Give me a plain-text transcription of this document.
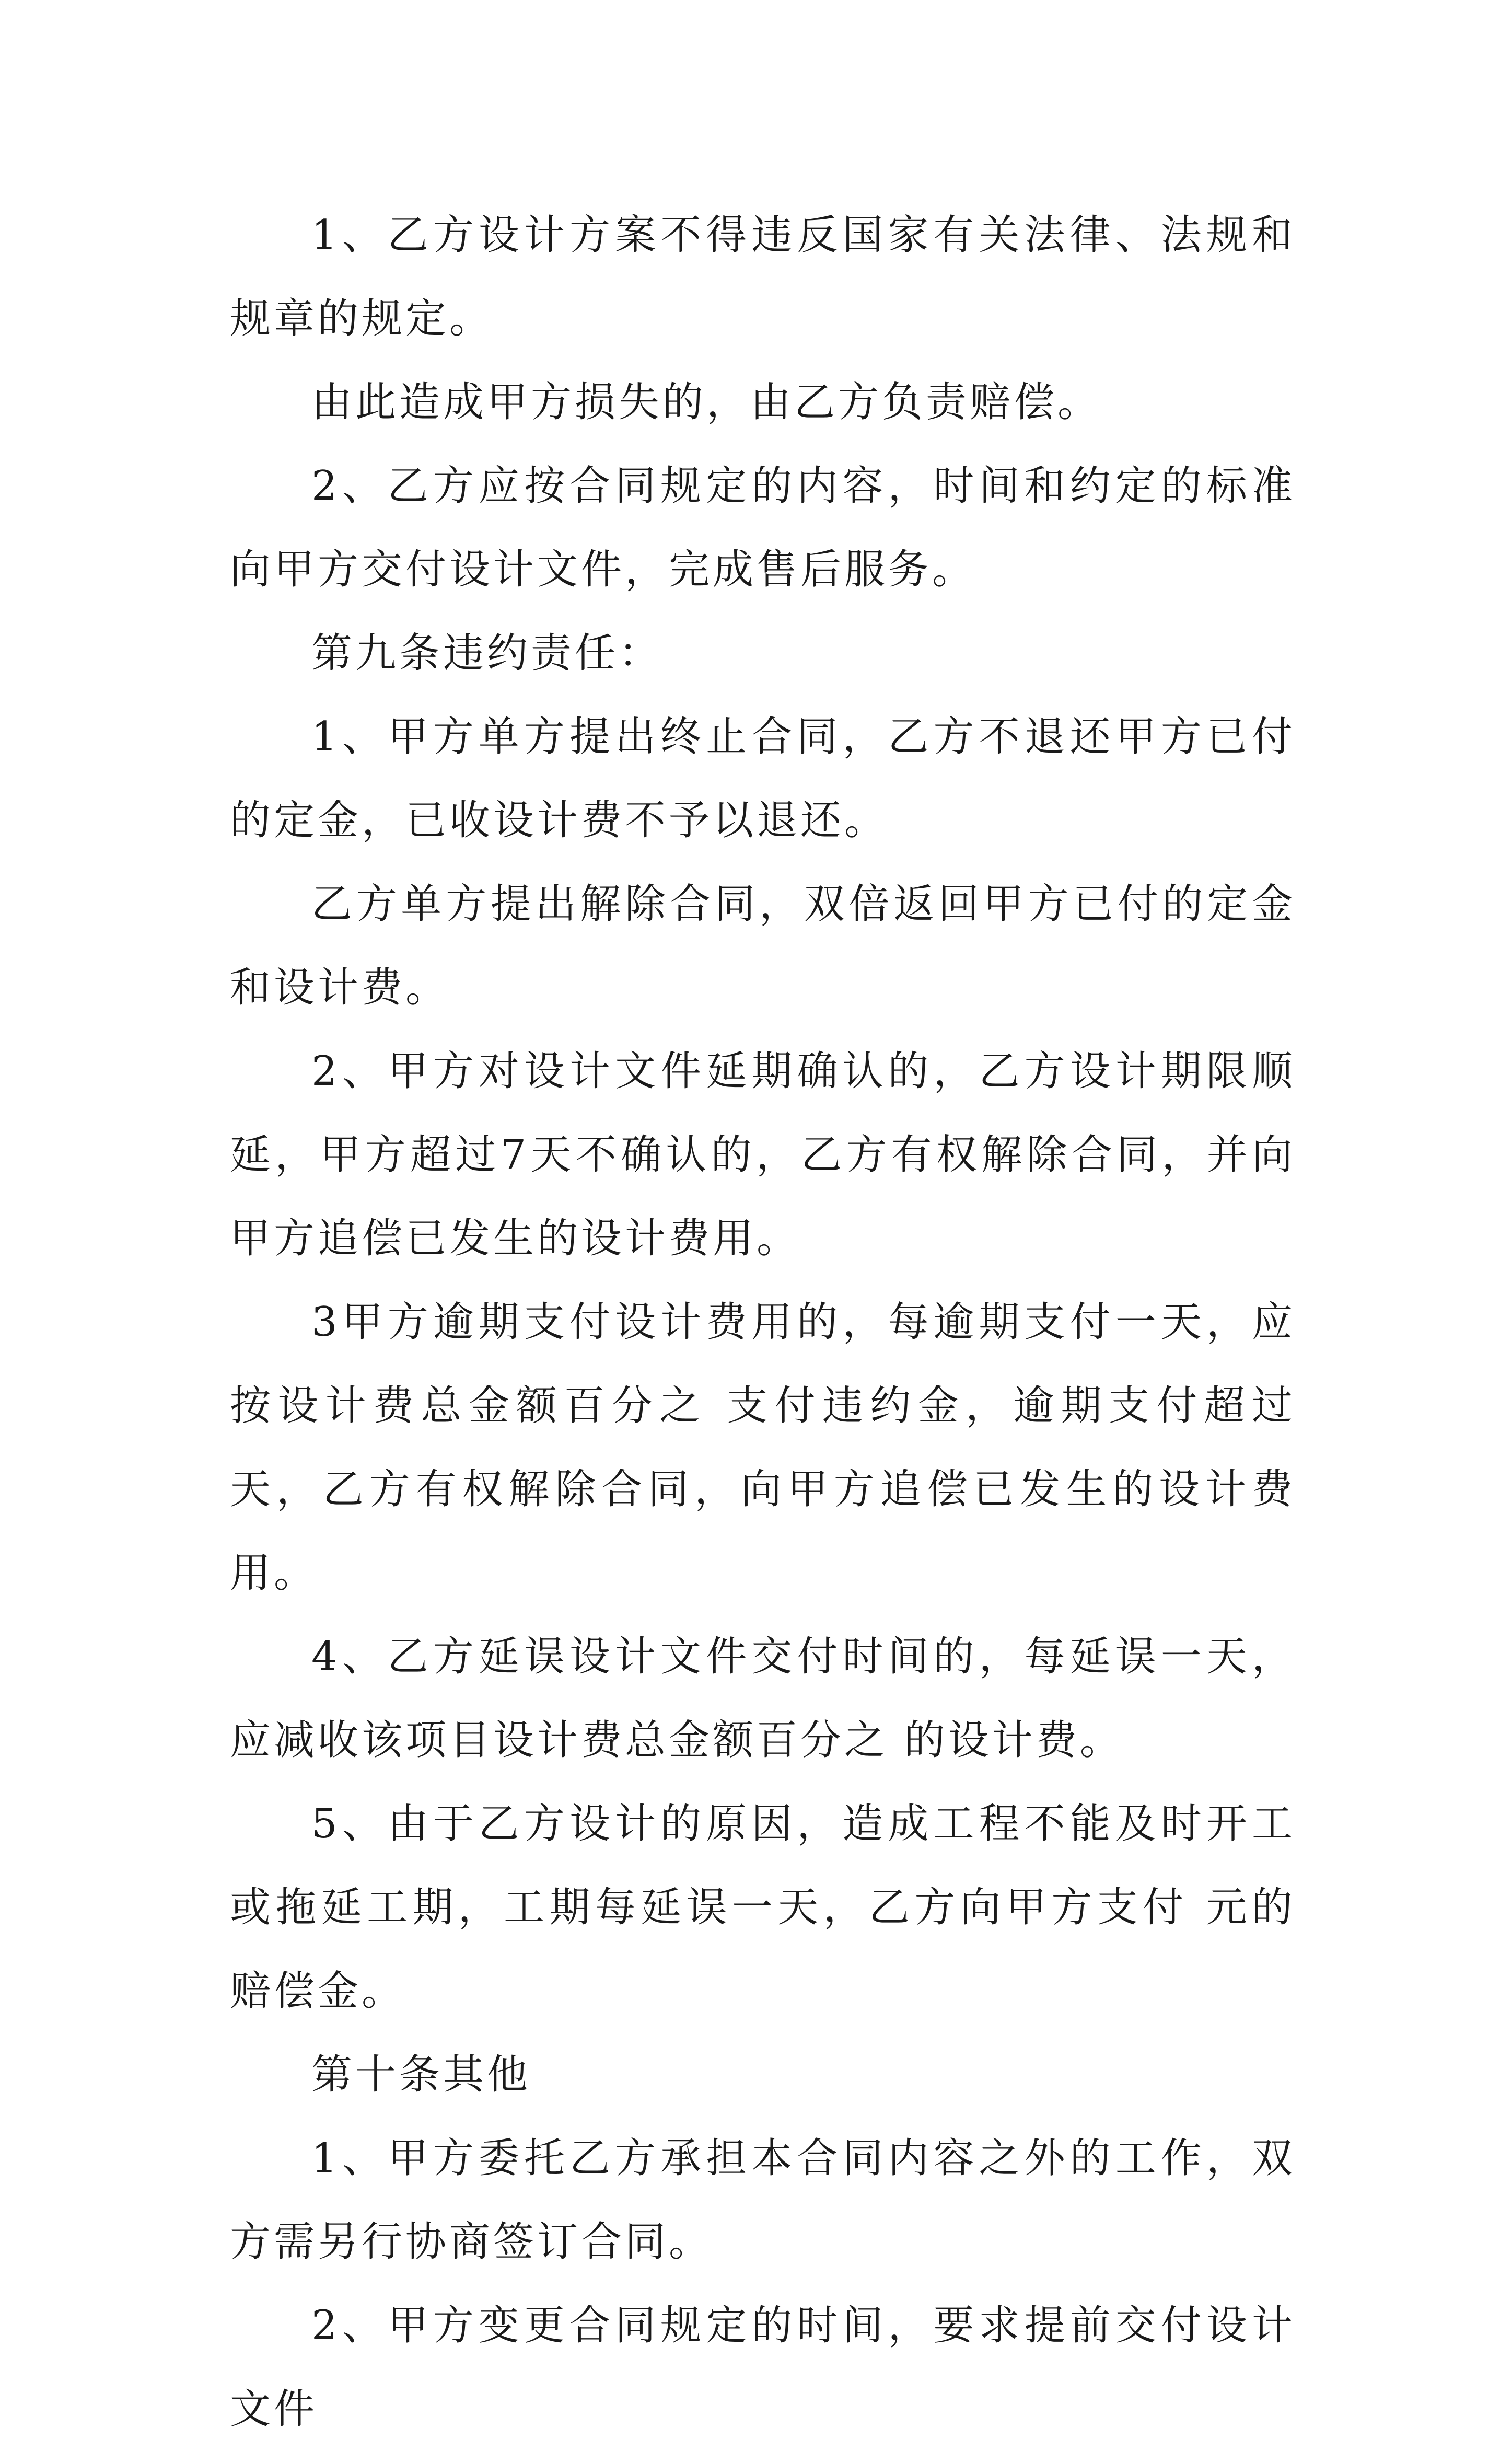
1、乙方设计方案不得违反国家有关法律、法规和规章的规定。

由此造成甲方损失的，由乙方负责赔偿。

2、乙方应按合同规定的内容，时间和约定的标准向甲方交付设计文件，完成售后服务。

第九条违约责任：

1、甲方单方提出终止合同，乙方不退还甲方已付的定金，已收设计费不予以退还。

乙方单方提出解除合同，双倍返回甲方已付的定金和设计费。

2、甲方对设计文件延期确认的，乙方设计期限顺延，甲方超过7天不确认的，乙方有权解除合同，并向甲方追偿已发生的设计费用。

3甲方逾期支付设计费用的，每逾期支付一天，应按设计费总金额百分之 支付违约金，逾期支付超过 天，乙方有权解除合同，向甲方追偿已发生的设计费用。

4、乙方延误设计文件交付时间的，每延误一天，应减收该项目设计费总金额百分之 的设计费。

5、由于乙方设计的原因，造成工程不能及时开工或拖延工期，工期每延误一天，乙方向甲方支付 元的赔偿金。

第十条其他

1、甲方委托乙方承担本合同内容之外的工作，双方需另行协商签订合同。

2、甲方变更合同规定的时间，要求提前交付设计文件
